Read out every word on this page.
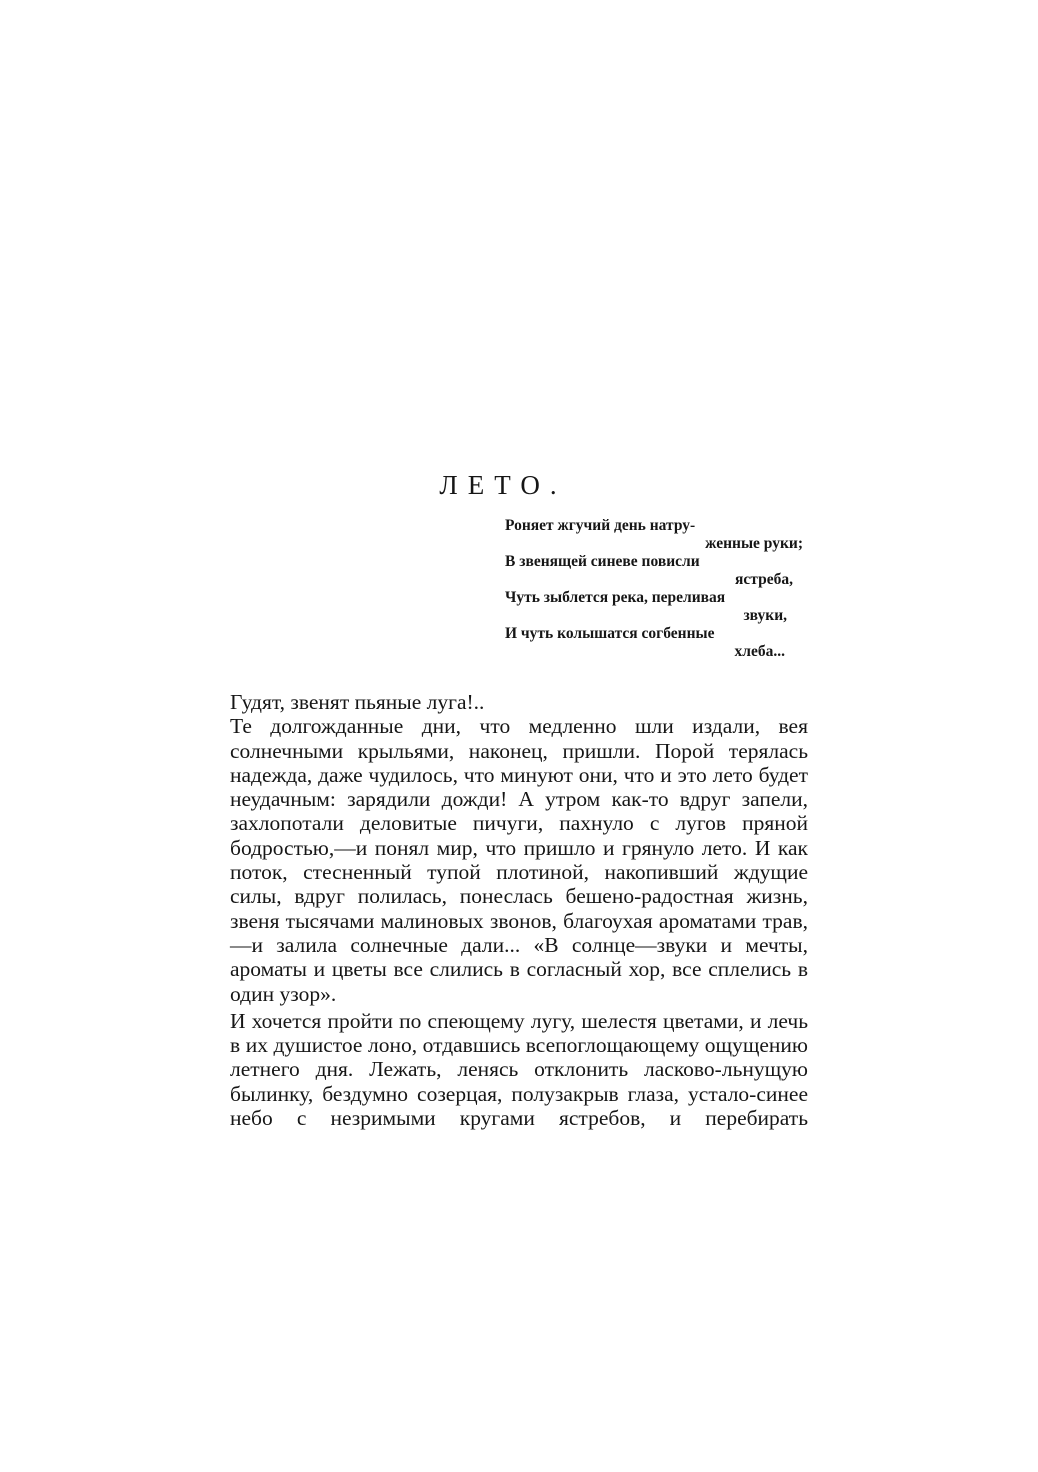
ЛЕТО.
Роняет жгучий день натру-
женные руки;
В звенящей синеве повисли
ястреба,
Чуть зыблется река, переливая
звуки,
И чуть колышатся согбенные
хлеба...

Гудят, звенят пьяные луга!..

Те долгожданные дни, что медленно шли издали, вея солнечными крыльями, наконец, пришли. Порой терялась надежда, даже чудилось, что минуют они, что и это лето будет неудачным: зарядили дожди! А утром как-то вдруг запели, захлопотали деловитые пичуги, пахнуло с лугов пряной бодростью,—и понял мир, что пришло и грянуло лето. И как поток, стесненный тупой плотиной, накопивший ждущие силы, вдруг полилась, понеслась бешено-радостная жизнь, звеня тысячами малиновых звонов, благоухая ароматами трав,—и залила солнечные дали... «В солнце—звуки и мечты, ароматы и цветы все слились в согласный хор, все сплелись в один узор».

И хочется пройти по спеющему лугу, шелестя цветами, и лечь в их душистое лоно, отдавшись всепоглощающему ощущению летнего дня. Лежать, ленясь отклонить ласково-льнущую былинку, бездумно созерцая, полузакрыв глаза, устало-синее небо с незримыми кругами ястребов, и перебирать
